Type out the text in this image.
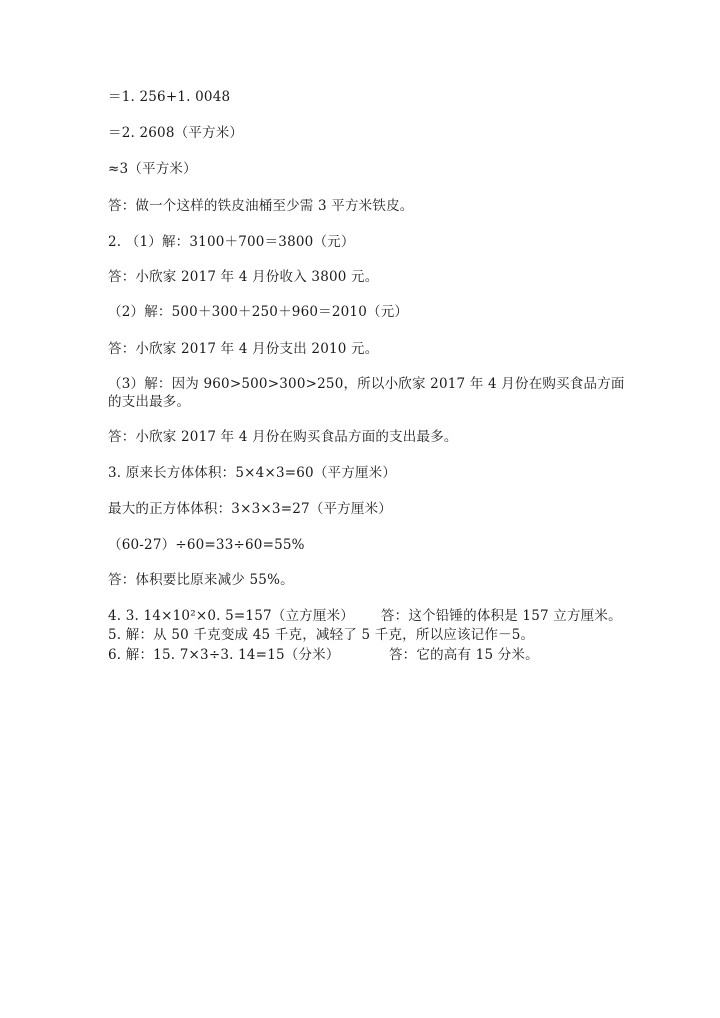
＝1. 256+1. 0048
＝2. 2608（平方米）
≈3（平方米）
答：做一个这样的铁皮油桶至少需 3 平方米铁皮。
2. （1）解：3100＋700＝3800（元）
答：小欣家 2017 年 4 月份收入 3800 元。
（2）解：500＋300＋250＋960＝2010（元）
答：小欣家 2017 年 4 月份支出 2010 元。
（3）解：因为 960>500>300>250，所以小欣家 2017 年 4 月份在购买食品方面
的支出最多。
答：小欣家 2017 年 4 月份在购买食品方面的支出最多。
3. 原来长方体体积：5×4×3=60（平方厘米）
最大的正方体体积：3×3×3=27（平方厘米）
（60-27）÷60=33÷60=55%
答：体积要比原来减少 55%。
4. 3. 14×10²×0. 5=157（立方厘米）      答：这个铅锤的体积是 157 立方厘米。
5. 解：从 50 千克变成 45 千克，减轻了 5 千克，所以应该记作－5。
6. 解：15. 7×3÷3. 14=15（分米）           答：它的高有 15 分米。
